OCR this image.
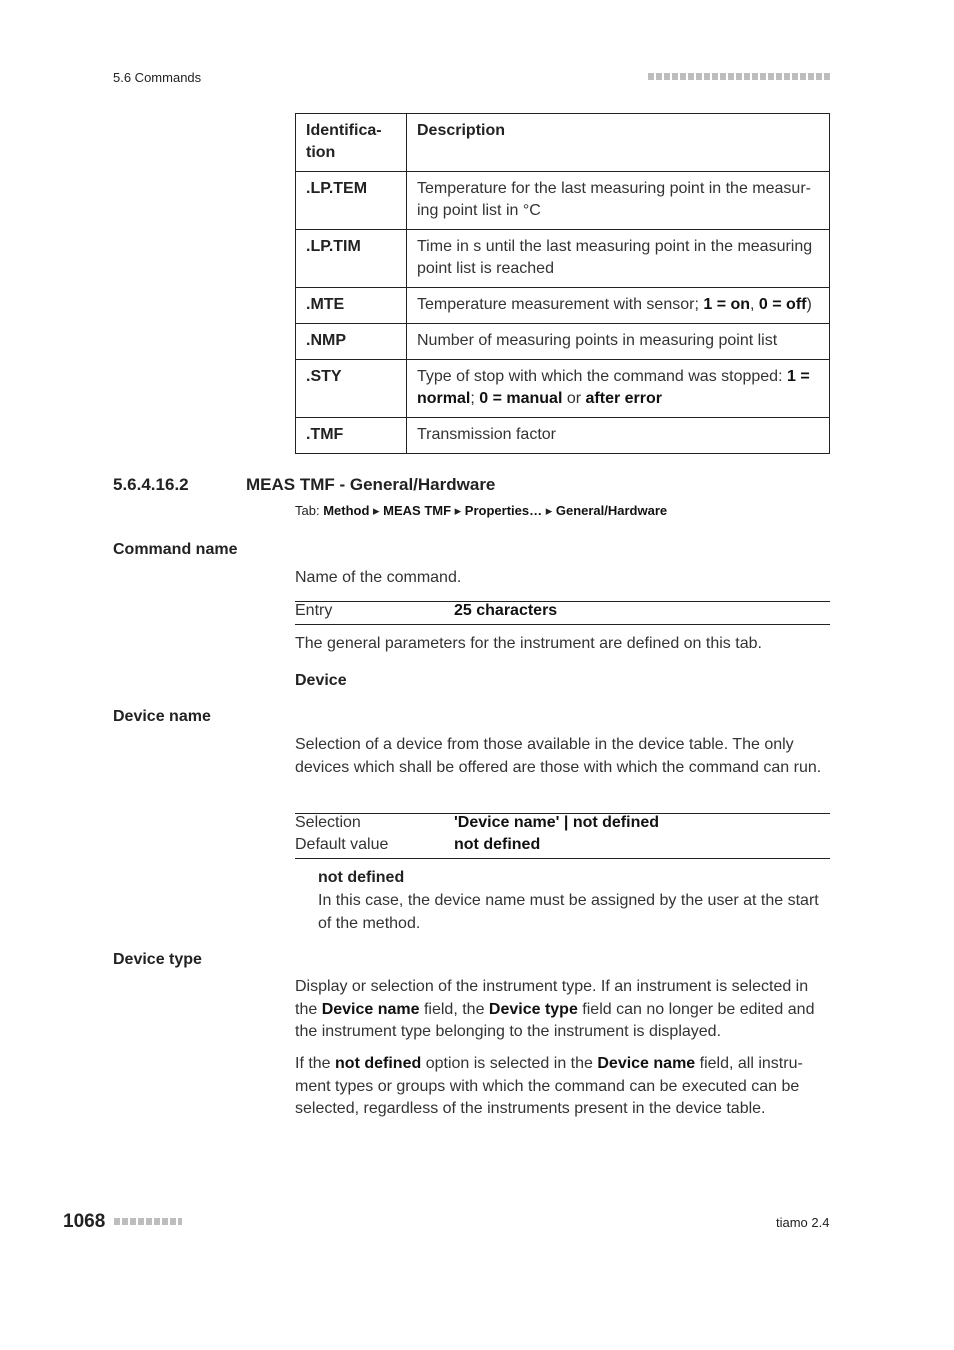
5.6 Commands
Identifica-
tion	Description
.LP.TEM	Temperature for the last measuring point in the measur-
ing point list in °C
.LP.TIM	Time in s until the last measuring point in the measuring point list is reached
.MTE	Temperature measurement with sensor; 1 = on, 0 = off)
.NMP	Number of measuring points in measuring point list
.STY	Type of stop with which the command was stopped: 1 = normal; 0 = manual or after error
.TMF	Transmission factor
5.6.4.16.2	MEAS TMF - General/Hardware
Tab: Method ▸ MEAS TMF ▸ Properties… ▸ General/Hardware
Command name
Name of the command.
Entry	25 characters
The general parameters for the instrument are defined on this tab.
Device
Device name
Selection of a device from those available in the device table. The only devices which shall be offered are those with which the command can run.
Selection	'Device name' | not defined
Default value	not defined
not defined
In this case, the device name must be assigned by the user at the start of the method.
Device type
Display or selection of the instrument type. If an instrument is selected in the Device name field, the Device type field can no longer be edited and the instrument type belonging to the instrument is displayed.
If the not defined option is selected in the Device name field, all instru-ment types or groups with which the command can be executed can be selected, regardless of the instruments present in the device table.
1068	tiamo 2.4
